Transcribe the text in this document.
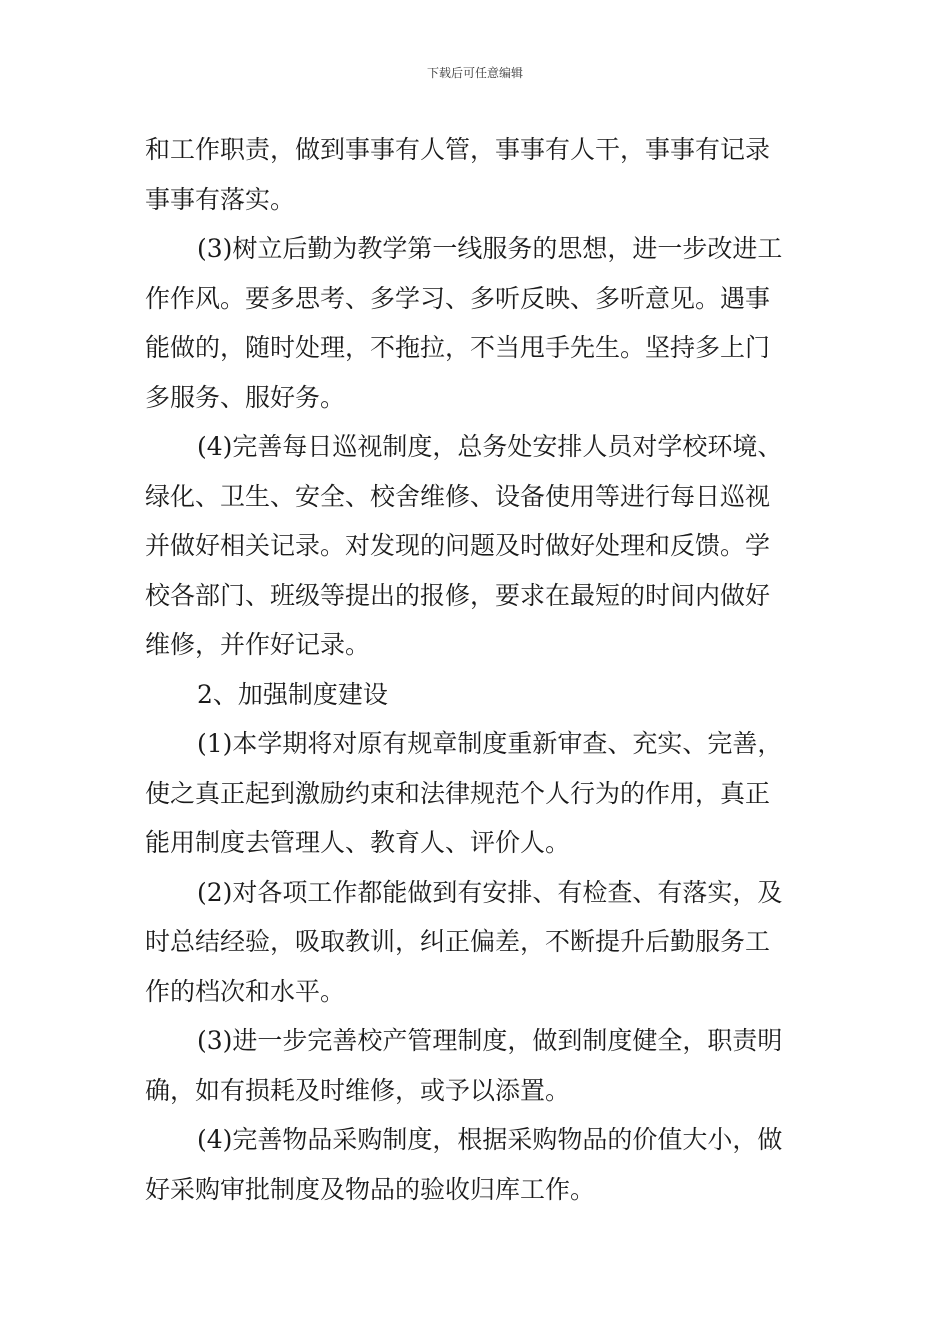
下载后可任意编辑
和工作职责，做到事事有人管，事事有人干，事事有记录
事事有落实。
(3)树立后勤为教学第一线服务的思想，进一步改进工
作作风。要多思考、多学习、多听反映、多听意见。遇事
能做的，随时处理，不拖拉，不当甩手先生。坚持多上门
多服务、服好务。
(4)完善每日巡视制度，总务处安排人员对学校环境、
绿化、卫生、安全、校舍维修、设备使用等进行每日巡视
并做好相关记录。对发现的问题及时做好处理和反馈。学
校各部门、班级等提出的报修，要求在最短的时间内做好
维修，并作好记录。
2、加强制度建设
(1)本学期将对原有规章制度重新审查、充实、完善，
使之真正起到激励约束和法律规范个人行为的作用，真正
能用制度去管理人、教育人、评价人。
(2)对各项工作都能做到有安排、有检查、有落实，及
时总结经验，吸取教训，纠正偏差，不断提升后勤服务工
作的档次和水平。
(3)进一步完善校产管理制度，做到制度健全，职责明
确，如有损耗及时维修，或予以添置。
(4)完善物品采购制度，根据采购物品的价值大小，做
好采购审批制度及物品的验收归库工作。
